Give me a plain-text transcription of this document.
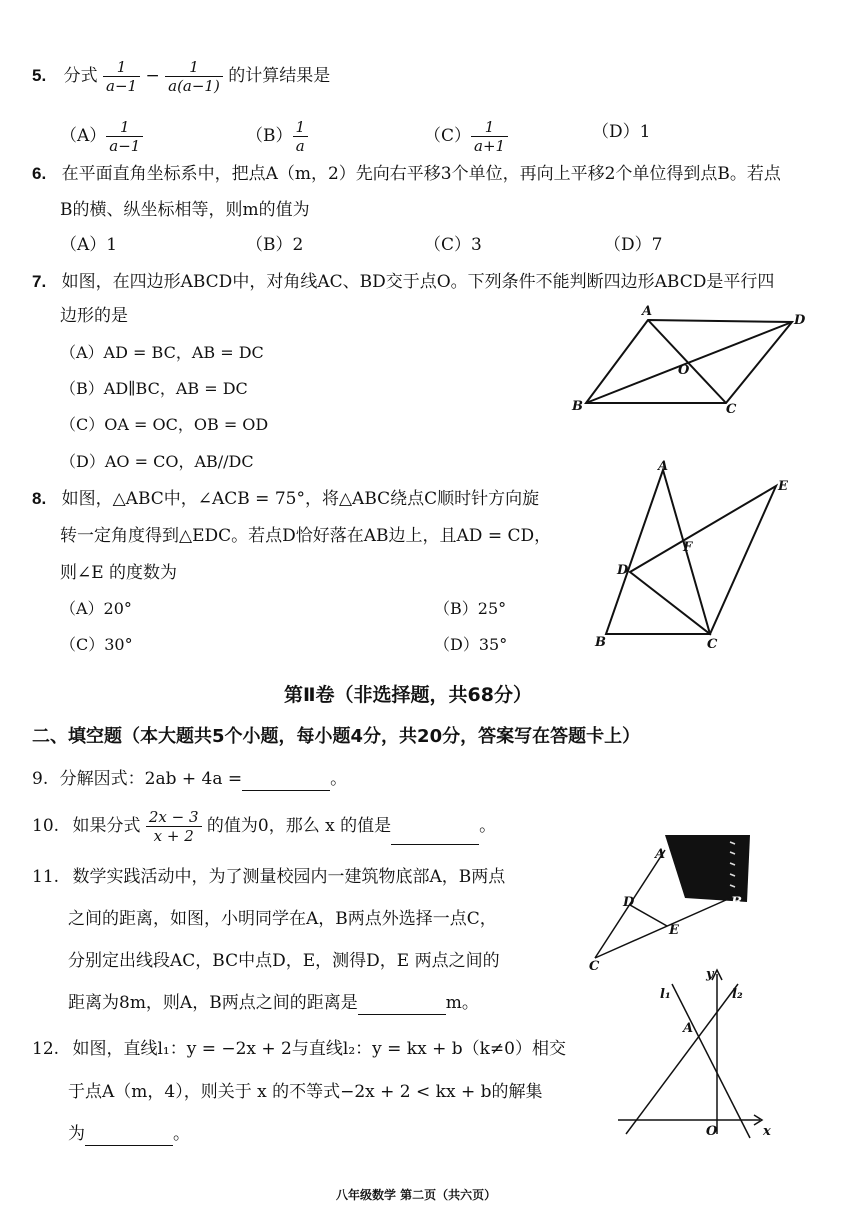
5. 分式 $\frac{1}{a-1} - \frac{1}{a(a-1)}$ 的计算结果是
$(A) \frac{1}{a-1}$	$(B) \frac{1}{a}$	$(C) \frac{1}{a+1}$	（D）1
6. 在平面直角坐标系中，把点A（m，2）先向右平移3个单位，再向上平移2个单位得到点B。若点
B的横、纵坐标相等，则m的值为
（A）1	（B）2	（C）3	（D）7
7. 如图，在四边形ABCD中，对角线AC、BD交于点O。下列条件不能判断四边形ABCD是平行四
边形的是
（A）AD = BC，AB = DC
（B）AD∥BC，AB = DC
（C）OA = OC，OB = OD
（D）AO = CO，AB//DC
A
D
O
B	C
8. 如图，△ABC中，∠ACB = 75°，将△ABC绕点C顺时针方向旋
转一定角度得到△EDC。若点D恰好落在AB边上，且AD = CD，
则∠E 的度数为
（A）20°	（B）25°
（C）30°	（D）35°
A
E
F
D
B	C
第Ⅱ卷（非选择题，共68分）
二、填空题（本大题共5个小题，每小题4分，共20分，答案写在答题卡上）
9. 分解因式：2ab + 4a =	。
10. 如果分式 $\frac{2x - 3}{x + 2}$ 的值为0，那么 x 的值是	。
11. 数学实践活动中，为了测量校园内一建筑物底部A，B两点
之间的距离，如图，小明同学在A，B两点外选择一点C，
分别定出线段AC，BC中点D，E，测得D，E 两点之间的
距离为8m，则A，B两点之间的距离是	m。
A
B
D
E
C
12. 如图，直线l₁：y = −2x + 2与直线l₂：y = kx + b（k≠0）相交
于点A（m，4），则关于 x 的不等式−2x + 2 < kx + b的解集
为	。
l₁	l₂
y
x
A
O
八年级数学 第二页（共六页）
